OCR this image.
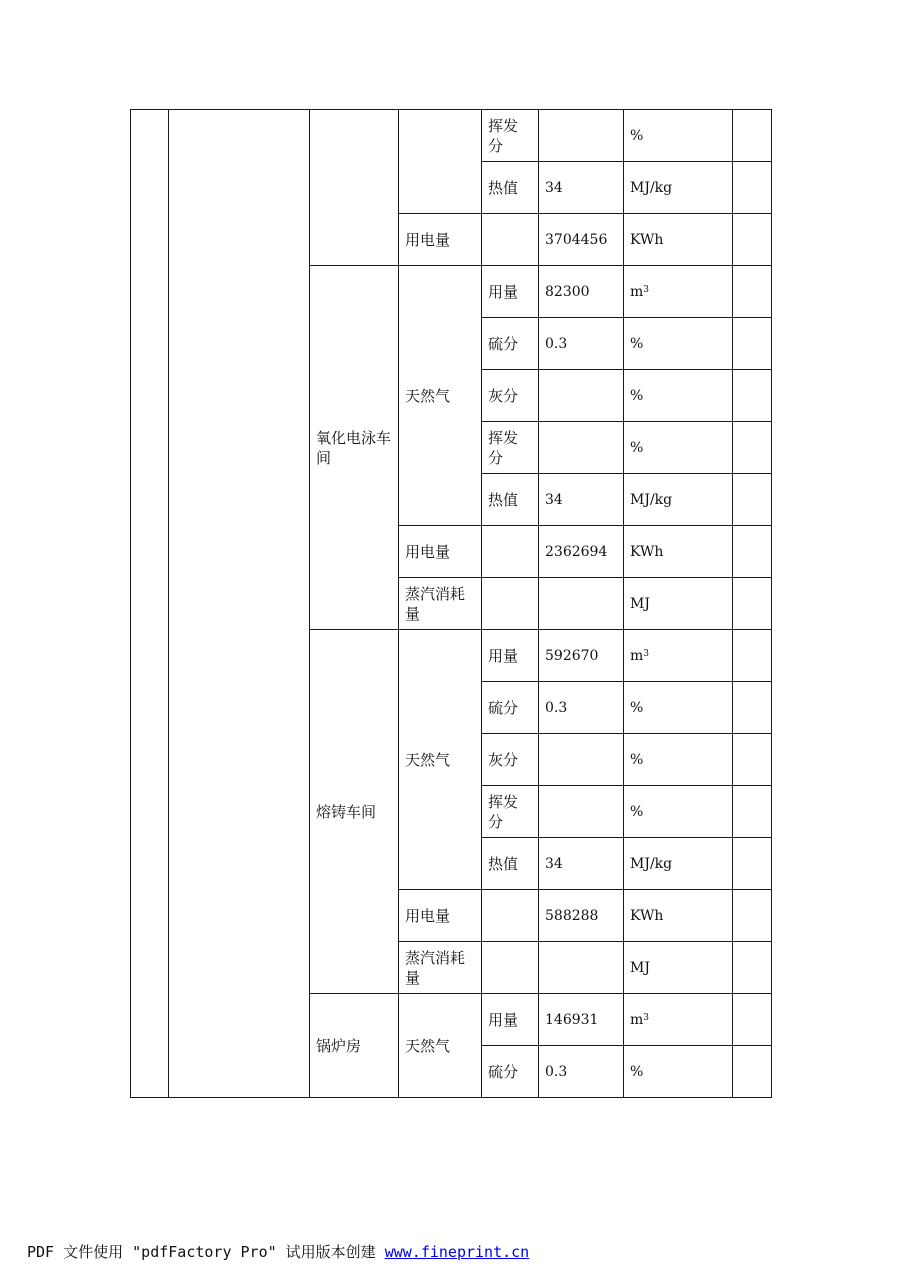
				挥发分		%	
				热值	34	MJ/kg	
			用电量		3704456	KWh	
		氧化电泳车间	天然气	用量	82300	$m^3$	
				硫分	0.3	%	
				灰分		%	
				挥发分		%	
				热值	34	MJ/kg	
			用电量		2362694	KWh	
			蒸汽消耗量			MJ	
		熔铸车间	天然气	用量	592670	$m^3$	
				硫分	0.3	%	
				灰分		%	
				挥发分		%	
				热值	34	MJ/kg	
			用电量		588288	KWh	
			蒸汽消耗量			MJ	
		锅炉房	天然气	用量	146931	$m^3$	
				硫分	0.3	%	
PDF 文件使用 "pdfFactory Pro" 试用版本创建 www.fineprint.cn
